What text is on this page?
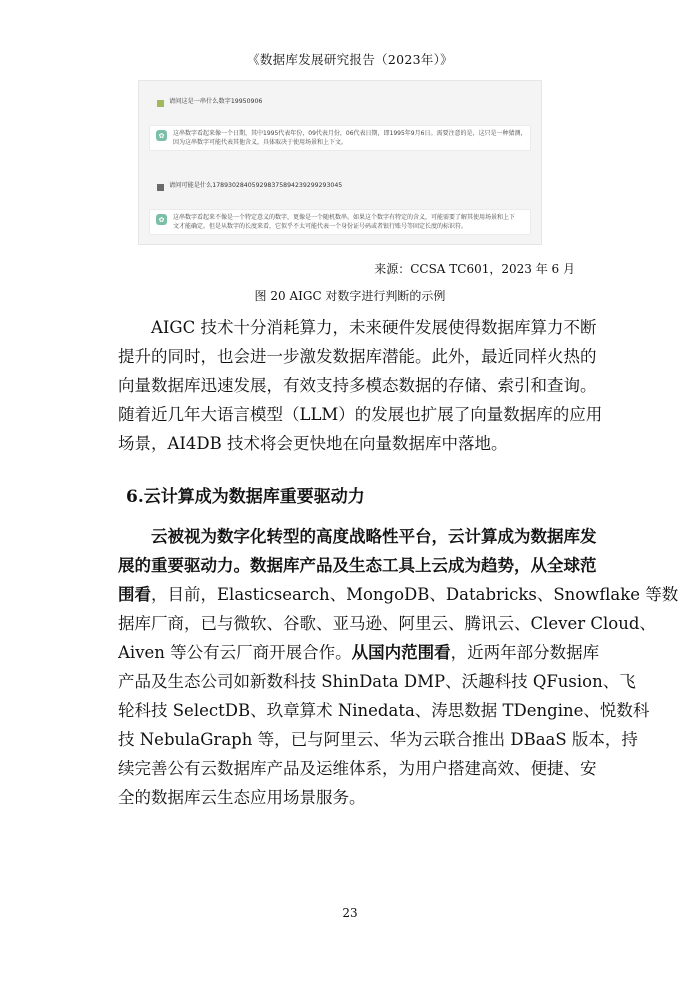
《数据库发展研究报告（2023年）》
请问这是一串什么数字19950906
✿	这串数字看起来像一个日期，其中1995代表年份，09代表月份，06代表日期，即1995年9月6日。需要注意的是，这只是一种猜测，
因为这串数字可能代表其他含义，具体取决于使用场景和上下文。
请问可能是什么17893028405929837589423929929304​5
✿	这串数字看起来不像是一个特定意义的数字，更像是一个随机数串。如果这个数字有特定的含义，可能需要了解其使用场景和上下
文才能确定。但是从数字的长度来看，它似乎不太可能代表一个身份证号码或者银行账号等固定长度的标识符。
来源：CCSA TC601，2023 年 6 月
图 20 AIGC 对数字进行判断的示例
AIGC 技术十分消耗算力，未来硬件发展使得数据库算力不断
提升的同时，也会进一步激发数据库潜能。此外，最近同样火热的
向量数据库迅速发展，有效支持多模态数据的存储、索引和查询。
随着近几年大语言模型（LLM）的发展也扩展了向量数据库的应用
场景，AI4DB 技术将会更快地在向量数据库中落地。
6.云计算成为数据库重要驱动力
云被视为数字化转型的高度战略性平台，云计算成为数据库发
展的重要驱动力。数据库产品及生态工具上云成为趋势，从全球范
围看，目前，Elasticsearch、MongoDB、Databricks、Snowflake 等数
据库厂商，已与微软、谷歌、亚马逊、阿里云、腾讯云、Clever Cloud、
Aiven 等公有云厂商开展合作。从国内范围看，近两年部分数据库
产品及生态公司如新数科技 ShinData DMP、沃趣科技 QFusion、飞
轮科技 SelectDB、玖章算术 Ninedata、涛思数据 TDengine、悦数科
技 NebulaGraph 等，已与阿里云、华为云联合推出 DBaaS 版本，持
续完善公有云数据库产品及运维体系，为用户搭建高效、便捷、安
全的数据库云生态应用场景服务。
23
